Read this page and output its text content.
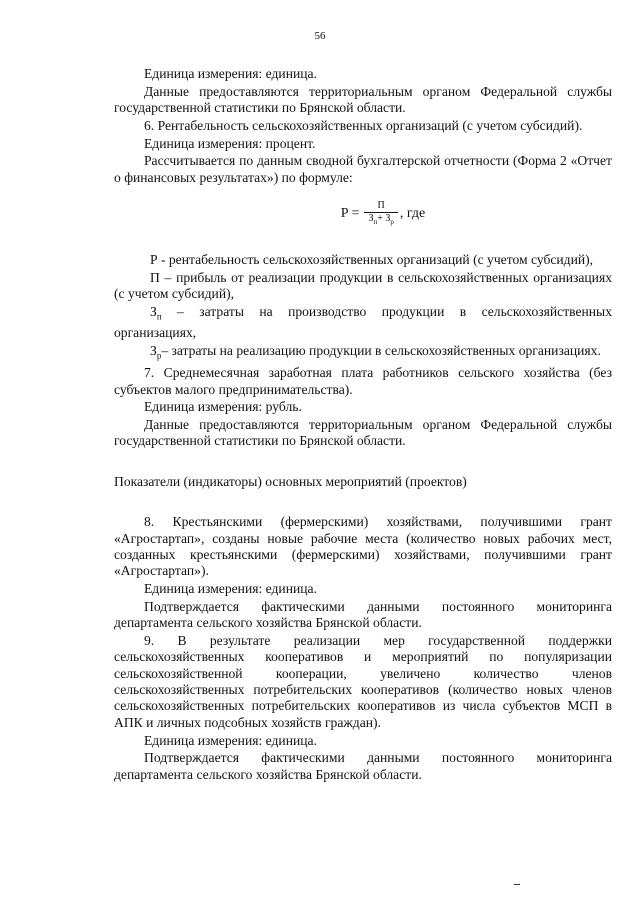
56

Единица измерения: единица.

Данные предоставляются территориальным органом Федеральной службы государственной статистики по Брянской области.

6. Рентабельность сельскохозяйственных организаций (с учетом субсидий).

Единица измерения: процент.

Рассчитывается по данным сводной бухгалтерской отчетности (Форма 2 «Отчет о финансовых результатах») по формуле:

$P = \frac{П}{З_п+ З_р}$ , где

Р - рентабельность сельскохозяйственных организаций (с учетом субсидий),

П – прибыль от реализации продукции в сельскохозяйственных организациях (с учетом субсидий),

$З_п$ – затраты на производство продукции в сельскохозяйственных организациях,

$З_р-$ затраты на реализацию продукции в сельскохозяйственных организациях.

7. Среднемесячная заработная плата работников сельского хозяйства (без субъектов малого предпринимательства).

Единица измерения: рубль.

Данные предоставляются территориальным органом Федеральной службы государственной статистики по Брянской области.

Показатели (индикаторы) основных мероприятий (проектов)

8. Крестьянскими (фермерскими) хозяйствами, получившими грант «Агростартап», созданы новые рабочие места (количество новых рабочих мест, созданных крестьянскими (фермерскими) хозяйствами, получившими грант «Агростартап»).

Единица измерения: единица.

Подтверждается фактическими данными постоянного мониторинга департамента сельского хозяйства Брянской области.

9. В результате реализации мер государственной поддержки сельскохозяйственных кооперативов и мероприятий по популяризации сельскохозяйственной кооперации, увеличено количество членов сельскохозяйственных потребительских кооперативов (количество новых членов сельскохозяйственных потребительских кооперативов из числа субъектов МСП в АПК и личных подсобных хозяйств граждан).

Единица измерения: единица.

Подтверждается фактическими данными постоянного мониторинга департамента сельского хозяйства Брянской области.
